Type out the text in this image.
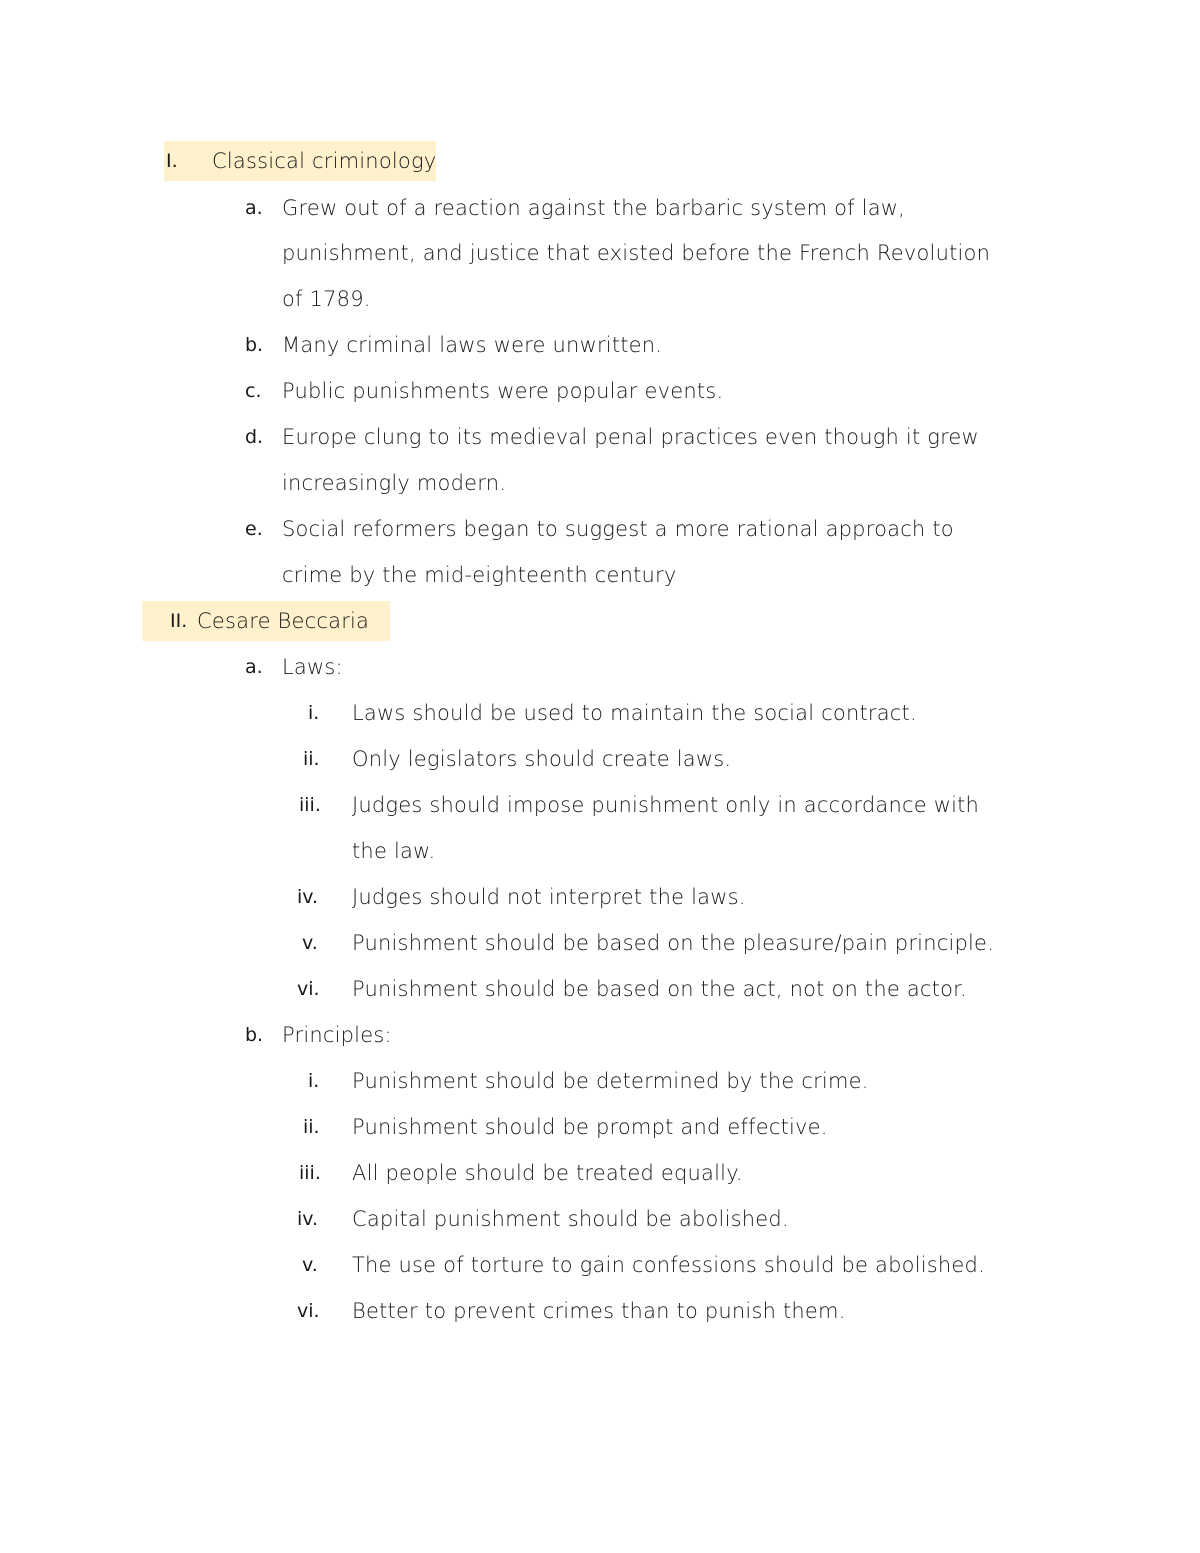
I. Classical criminology
a. Grew out of a reaction against the barbaric system of law,
punishment, and justice that existed before the French Revolution
of 1789.
b. Many criminal laws were unwritten.
c. Public punishments were popular events.
d. Europe clung to its medieval penal practices even though it grew
increasingly modern.
e. Social reformers began to suggest a more rational approach to
crime by the mid-eighteenth century
II. Cesare Beccaria
a. Laws:
i. Laws should be used to maintain the social contract.
ii. Only legislators should create laws.
iii. Judges should impose punishment only in accordance with
the law.
iv. Judges should not interpret the laws.
v. Punishment should be based on the pleasure/pain principle.
vi. Punishment should be based on the act, not on the actor.
b. Principles:
i. Punishment should be determined by the crime.
ii. Punishment should be prompt and effective.
iii. All people should be treated equally.
iv. Capital punishment should be abolished.
v. The use of torture to gain confessions should be abolished.
vi. Better to prevent crimes than to punish them.
